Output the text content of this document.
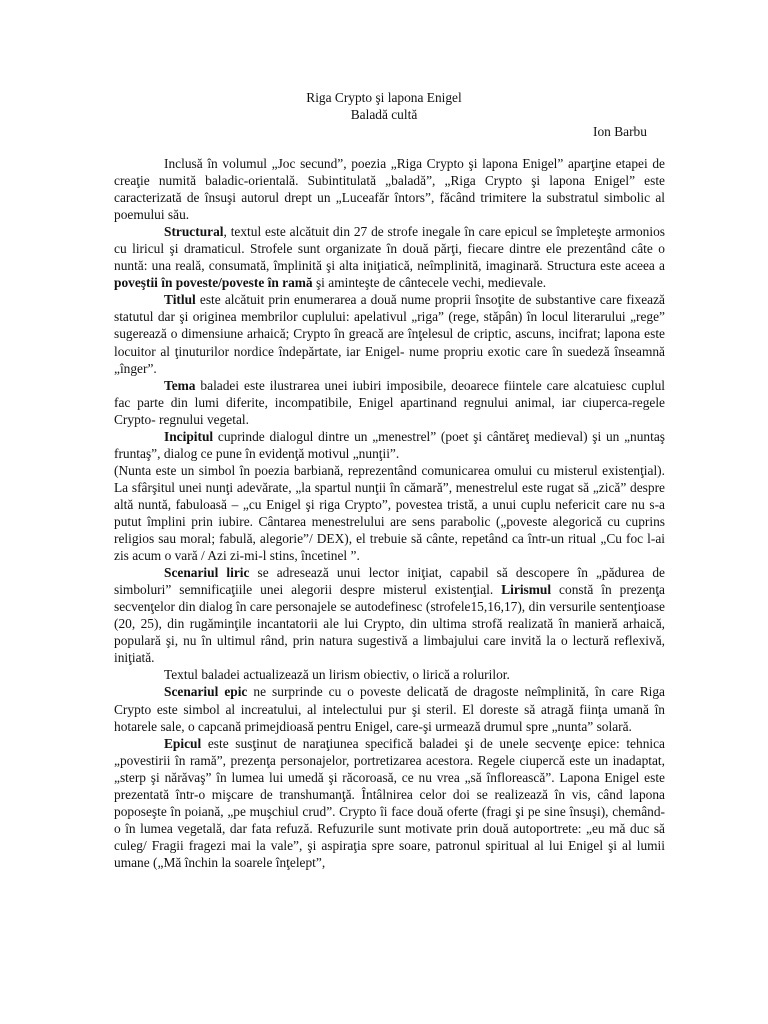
Riga Crypto şi lapona Enigel
Baladă cultă
Ion Barbu

Inclusă în volumul „Joc secund”, poezia „Riga Crypto şi lapona Enigel” aparţine etapei de creaţie numită baladic-orientală. Subintitulată „baladă”, „Riga Crypto şi lapona Enigel” este caracterizată de însuşi autorul drept un „Luceafăr întors”, făcând trimitere la substratul simbolic al poemului său.

Structural, textul este alcătuit din 27 de strofe inegale în care epicul se împleteşte armonios cu liricul şi dramaticul. Strofele sunt organizate în două părţi, fiecare dintre ele prezentând câte o nuntă: una reală, consumată, împlinită şi alta iniţiatică, neîmplinită, imaginară. Structura este aceea a poveştii în poveste/poveste în ramă şi aminteşte de cântecele vechi, medievale.

Titlul este alcătuit prin enumerarea a două nume proprii însoţite de substantive care fixează statutul dar şi originea membrilor cuplului: apelativul „riga” (rege, stăpân) în locul literarului „rege” sugerează o dimensiune arhaică; Crypto în greacă are înţelesul de criptic, ascuns, incifrat; lapona este locuitor al ţinuturilor nordice îndepărtate, iar Enigel- nume propriu exotic care în suedeză înseamnă „înger”.

Tema baladei este ilustrarea unei iubiri imposibile, deoarece fiintele care alcatuiesc cuplul fac parte din lumi diferite, incompatibile, Enigel apartinand regnului animal, iar ciuperca-regele Crypto- regnului vegetal.

Incipitul cuprinde dialogul dintre un „menestrel” (poet şi cântăreţ medieval) şi un „nuntaş fruntaş”, dialog ce pune în evidenţă motivul „nunţii”.

(Nunta este un simbol în poezia barbiană, reprezentând comunicarea omului cu misterul existenţial). La sfârşitul unei nunţi adevărate, „la spartul nunţii în cămară”, menestrelul este rugat să „zică” despre altă nuntă, fabuloasă – „cu Enigel şi riga Crypto”, povestea tristă, a unui cuplu nefericit care nu s-a putut împlini prin iubire. Cântarea menestrelului are sens parabolic („poveste alegorică cu cuprins religios sau moral; fabulă, alegorie”/ DEX), el trebuie să cânte, repetând ca într-un ritual „Cu foc l-ai zis acum o vară / Azi zi-mi-l stins, încetinel ”.

Scenariul liric se adresează unui lector iniţiat, capabil să descopere în „pădurea de simboluri” semnificaţiile unei alegorii despre misterul existenţial. Lirismul constă în prezenţa secvenţelor din dialog în care personajele se autodefinesc (strofele15,16,17), din versurile sentenţioase (20, 25), din rugăminţile incantatorii ale lui Crypto, din ultima strofă realizată în manieră arhaică, populară şi, nu în ultimul rând, prin natura sugestivă a limbajului care invită la o lectură reflexivă, iniţiată.

Textul baladei actualizează un lirism obiectiv, o lirică a rolurilor.

Scenariul epic ne surprinde cu o poveste delicată de dragoste neîmplinită, în care Riga Crypto este simbol al increatului, al intelectului pur şi steril. El doreste să atragă fiinţa umană în hotarele sale, o capcană primejdioasă pentru Enigel, care-şi urmează drumul spre „nunta” solară.

Epicul este susţinut de naraţiunea specifică baladei şi de unele secvenţe epice: tehnica „povestirii în ramă”, prezenţa personajelor, portretizarea acestora. Regele ciupercă este un inadaptat, „sterp şi nărăvaş” în lumea lui umedă şi răcoroasă, ce nu vrea „să înflorească”. Lapona Enigel este prezentată într-o mişcare de transhumanţă. Întâlnirea celor doi se realizează în vis, când lapona poposeşte în poiană, „pe muşchiul crud”. Crypto îi face două oferte (fragi şi pe sine însuşi), chemând-o în lumea vegetală, dar fata refuză. Refuzurile sunt motivate prin două autoportrete: „eu mă duc să culeg/ Fragii fragezi mai la vale”, şi aspiraţia spre soare, patronul spiritual al lui Enigel şi al lumii umane („Mă închin la soarele înţelept”,
